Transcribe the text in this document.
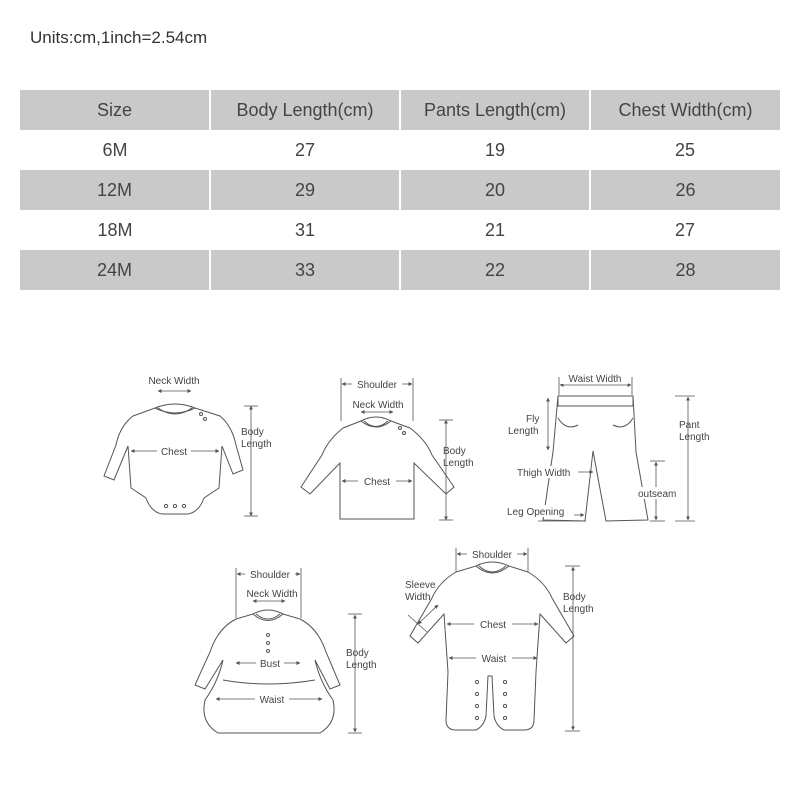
Units:cm,1inch=2.54cm
Size	Body Length(cm)	Pants Length(cm)	Chest Width(cm)
6M	27	19	25
12M	29	20	26
18M	31	21	27
24M	33	22	28
Neck Width
Chest
Body
Length
Shoulder
Neck Width
Chest
Body
Length
Waist Width
Fly
Length
Pant
Length
Thigh Width
outseam
Leg Opening
Shoulder
Neck Width
Bust
Waist
Body
Length
Shoulder
Sleeve
Width
Chest
Waist
Body
Length
